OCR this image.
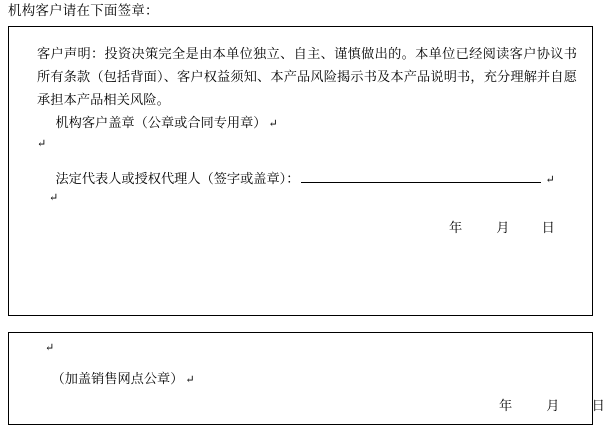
机构客户请在下面签章：
客户声明：投资决策完全是由本单位独立、自主、谨慎做出的。本单位已经阅读客户协议书所有条款（包括背面）、客户权益须知、本产品风险揭示书及本产品说明书，充分理解并自愿承担本产品相关风险。
机构客户盖章（公章或合同专用章） ↵
↵
法定代表人或授权代理人（签字或盖章）：	↵
↵
年	月 日
↵
（加盖销售网点公章） ↵
年	月 日
